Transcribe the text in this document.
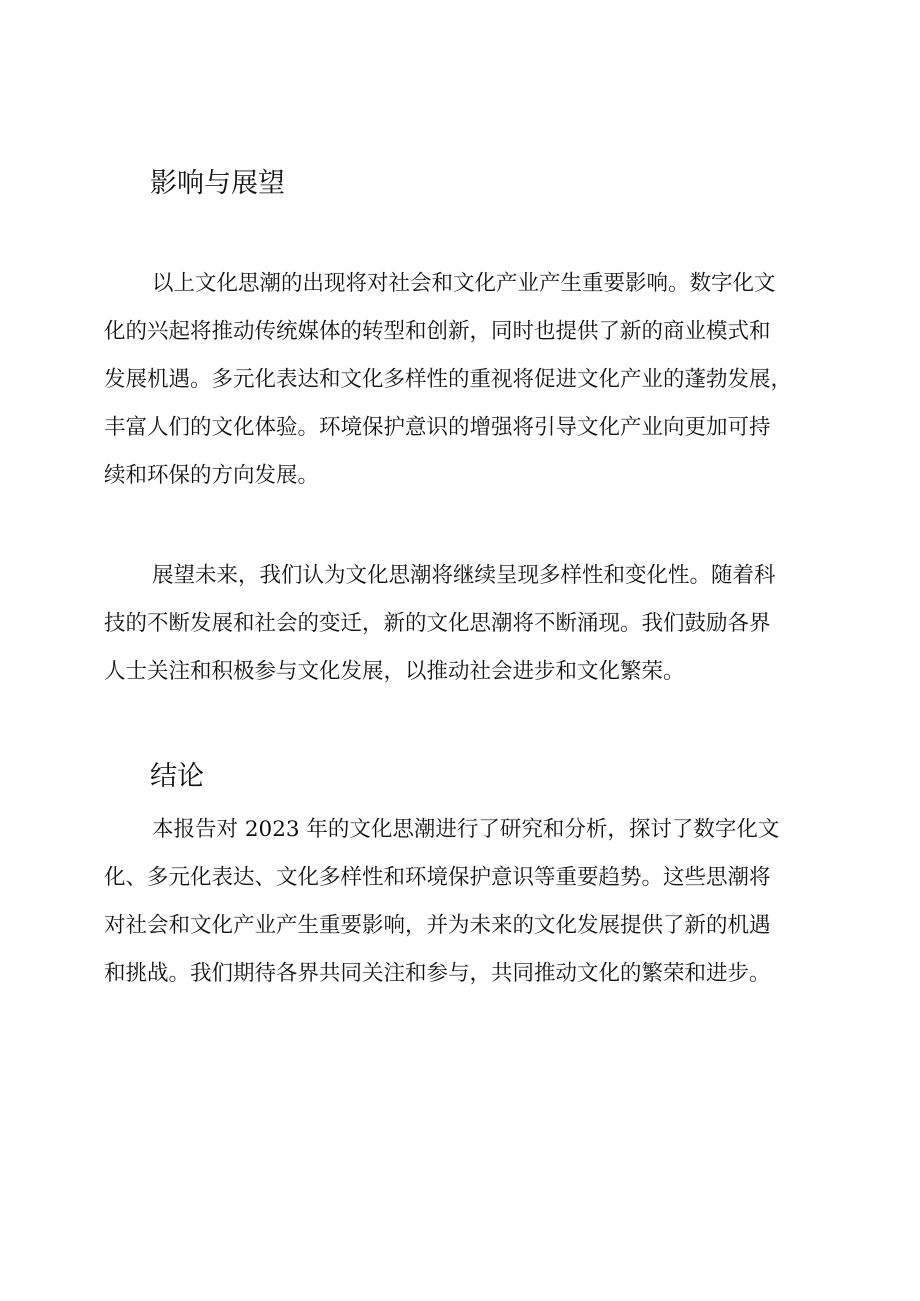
影响与展望
以上文化思潮的出现将对社会和文化产业产生重要影响。数字化文
化的兴起将推动传统媒体的转型和创新，同时也提供了新的商业模式和
发展机遇。多元化表达和文化多样性的重视将促进文化产业的蓬勃发展，
丰富人们的文化体验。环境保护意识的增强将引导文化产业向更加可持
续和环保的方向发展。
展望未来，我们认为文化思潮将继续呈现多样性和变化性。随着科
技的不断发展和社会的变迁，新的文化思潮将不断涌现。我们鼓励各界
人士关注和积极参与文化发展，以推动社会进步和文化繁荣。
结论
本报告对 2023 年的文化思潮进行了研究和分析，探讨了数字化文
化、多元化表达、文化多样性和环境保护意识等重要趋势。这些思潮将
对社会和文化产业产生重要影响，并为未来的文化发展提供了新的机遇
和挑战。我们期待各界共同关注和参与，共同推动文化的繁荣和进步。
